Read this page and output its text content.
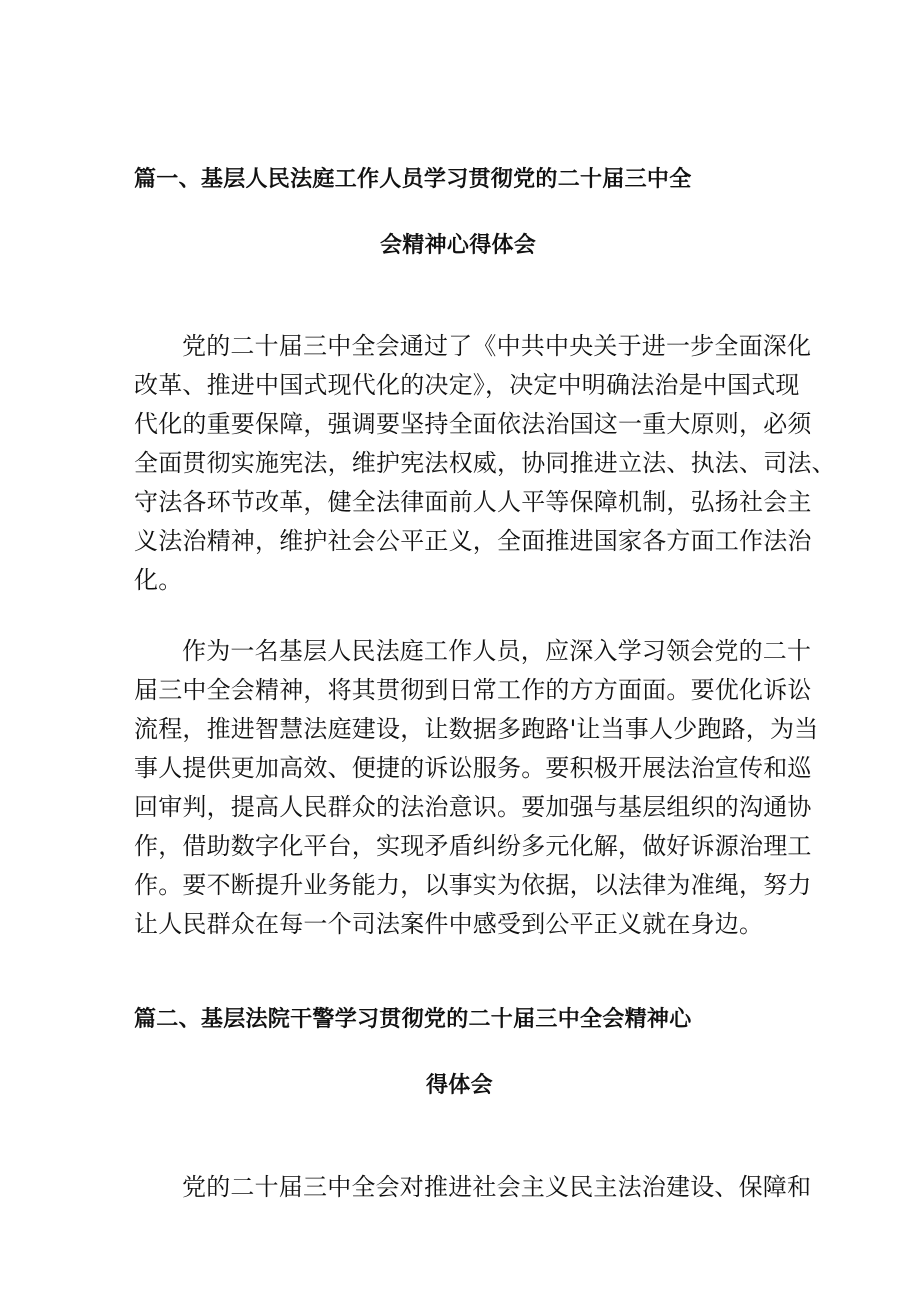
篇一、基层人民法庭工作人员学习贯彻党的二十届三中全
会精神心得体会
党的二十届三中全会通过了《中共中央关于进一步全面深化
改革、推进中国式现代化的决定》，决定中明确法治是中国式现
代化的重要保障，强调要坚持全面依法治国这一重大原则，必须
全面贯彻实施宪法，维护宪法权威，协同推进立法、执法、司法、
守法各环节改革，健全法律面前人人平等保障机制，弘扬社会主
义法治精神，维护社会公平正义，全面推进国家各方面工作法治
化。
作为一名基层人民法庭工作人员，应深入学习领会党的二十
届三中全会精神，将其贯彻到日常工作的方方面面。要优化诉讼
流程，推进智慧法庭建设，让数据多跑路'让当事人少跑路，为当
事人提供更加高效、便捷的诉讼服务。要积极开展法治宣传和巡
回审判，提高人民群众的法治意识。要加强与基层组织的沟通协
作，借助数字化平台，实现矛盾纠纷多元化解，做好诉源治理工
作。要不断提升业务能力，以事实为依据，以法律为准绳，努力
让人民群众在每一个司法案件中感受到公平正义就在身边。
篇二、基层法院干警学习贯彻党的二十届三中全会精神心
得体会
党的二十届三中全会对推进社会主义民主法治建设、保障和
